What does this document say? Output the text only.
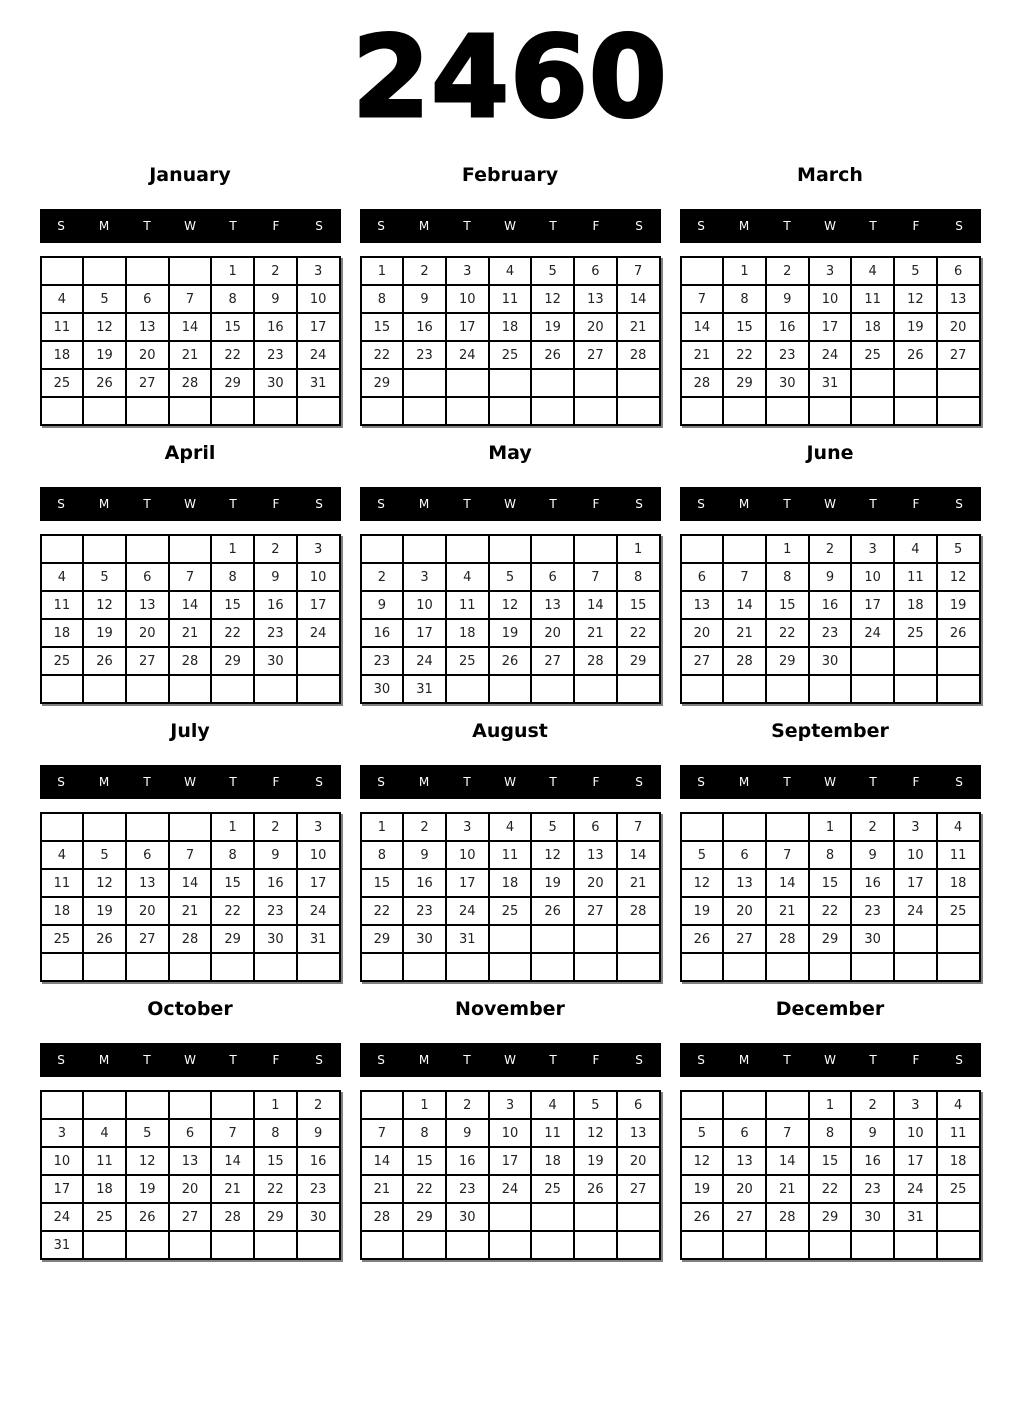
2460
January
S	M	T	W	T	F	S
				1	2	3
4	5	6	7	8	9	10
11	12	13	14	15	16	17
18	19	20	21	22	23	24
25	26	27	28	29	30	31

February
S	M	T	W	T	F	S
1	2	3	4	5	6	7
8	9	10	11	12	13	14
15	16	17	18	19	20	21
22	23	24	25	26	27	28
29						

March
S	M	T	W	T	F	S
	1	2	3	4	5	6
7	8	9	10	11	12	13
14	15	16	17	18	19	20
21	22	23	24	25	26	27
28	29	30	31			

April
S	M	T	W	T	F	S
				1	2	3
4	5	6	7	8	9	10
11	12	13	14	15	16	17
18	19	20	21	22	23	24
25	26	27	28	29	30	

May
S	M	T	W	T	F	S
						1
2	3	4	5	6	7	8
9	10	11	12	13	14	15
16	17	18	19	20	21	22
23	24	25	26	27	28	29
30	31					
June
S	M	T	W	T	F	S
		1	2	3	4	5
6	7	8	9	10	11	12
13	14	15	16	17	18	19
20	21	22	23	24	25	26
27	28	29	30			

July
S	M	T	W	T	F	S
				1	2	3
4	5	6	7	8	9	10
11	12	13	14	15	16	17
18	19	20	21	22	23	24
25	26	27	28	29	30	31

August
S	M	T	W	T	F	S
1	2	3	4	5	6	7
8	9	10	11	12	13	14
15	16	17	18	19	20	21
22	23	24	25	26	27	28
29	30	31				

September
S	M	T	W	T	F	S
			1	2	3	4
5	6	7	8	9	10	11
12	13	14	15	16	17	18
19	20	21	22	23	24	25
26	27	28	29	30		

October
S	M	T	W	T	F	S
					1	2
3	4	5	6	7	8	9
10	11	12	13	14	15	16
17	18	19	20	21	22	23
24	25	26	27	28	29	30
31						
November
S	M	T	W	T	F	S
	1	2	3	4	5	6
7	8	9	10	11	12	13
14	15	16	17	18	19	20
21	22	23	24	25	26	27
28	29	30				

December
S	M	T	W	T	F	S
			1	2	3	4
5	6	7	8	9	10	11
12	13	14	15	16	17	18
19	20	21	22	23	24	25
26	27	28	29	30	31	
